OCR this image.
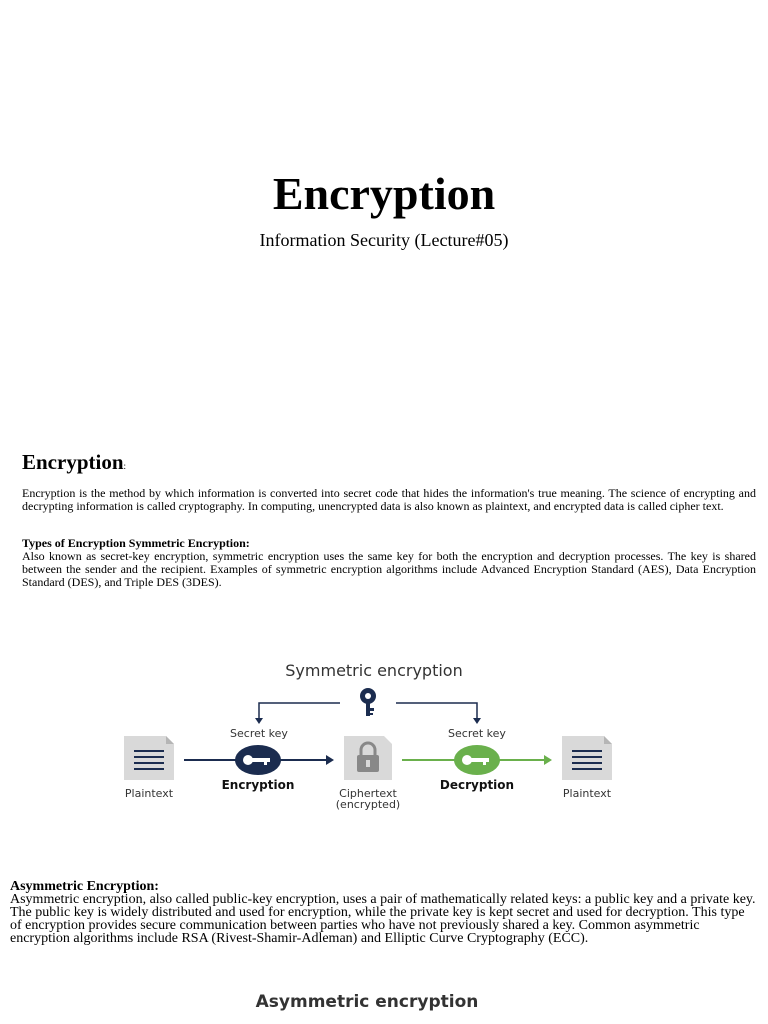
Encryption
Information Security (Lecture#05)
Encryption:
Encryption is the method by which information is converted into secret code that hides the information's true meaning. The science of encrypting and decrypting information is called cryptography. In computing, unencrypted data is also known as plaintext, and encrypted data is called cipher text.
Types of Encryption Symmetric Encryption:
Also known as secret-key encryption, symmetric encryption uses the same key for both the encryption and decryption processes. The key is shared between the sender and the recipient. Examples of symmetric encryption algorithms include Advanced Encryption Standard (AES), Data Encryption Standard (DES), and Triple DES (3DES).
Symmetric encryption
Secret key	Secret key
Plaintext
Encryption
Ciphertext
(encrypted)
Decryption
Plaintext
Asymmetric Encryption:
Asymmetric encryption, also called public-key encryption, uses a pair of mathematically related keys: a public key and a private key. The public key is widely distributed and used for encryption, while the private key is kept secret and used for decryption. This type of encryption provides secure communication between parties who have not previously shared a key. Common asymmetric encryption algorithms include RSA (Rivest-Shamir-Adleman) and Elliptic Curve Cryptography (ECC).
Asymmetric encryption
